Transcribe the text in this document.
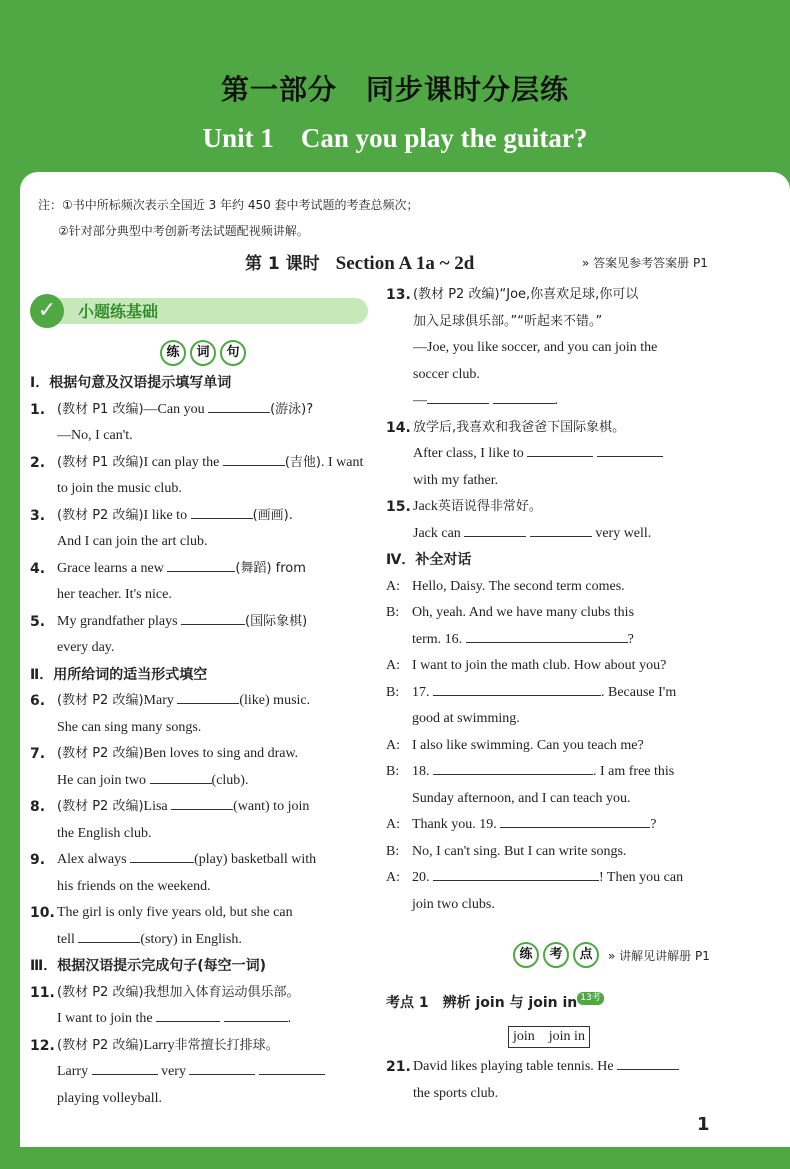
第一部分　同步课时分层练
Unit 1　Can you play the guitar?
注：①书中所标频次表示全国近 3 年约 450 套中考试题的考查总频次；
②针对部分典型中考创新考法试题配视频讲解。
第 1 课时 Section A 1a ~ 2d	» 答案见参考答案册 P1
✓	小题练基础
练	词	句
Ⅰ．根据句意及汉语提示填写单词
1. (教材 P1 改编)—Can you	(游泳)?
—No, I can't.
2. (教材 P1 改编)I can play the	(吉他). I want to join the music club.
3. (教材 P2 改编)I like to	(画画).
And I can join the art club.
4. Grace learns a new	(舞蹈) from
her teacher. It's nice.
5. My grandfather plays	(国际象棋)
every day.
Ⅱ．用所给词的适当形式填空
6. (教材 P2 改编)Mary	(like) music.
She can sing many songs.
7. (教材 P2 改编)Ben loves to sing and draw.
He can join two	(club).
8. (教材 P2 改编)Lisa	(want) to join
the English club.
9. Alex always	(play) basketball with
his friends on the weekend.
10. The girl is only five years old, but she can
tell	(story) in English.
Ⅲ．根据汉语提示完成句子(每空一词)
11. (教材 P2 改编)我想加入体育运动俱乐部。
I want to join the	.
12. (教材 P2 改编)Larry非常擅长打排球。
Larry	very
playing volleyball.
13. (教材 P2 改编)“Joe,你喜欢足球,你可以
加入足球俱乐部。”“听起来不错。”
—Joe, you like soccer, and you can join the
soccer club.
—	.
14. 放学后,我喜欢和我爸爸下国际象棋。
After class, I like to
with my father.
15. Jack英语说得非常好。
Jack can	very well.
Ⅳ．补全对话
A: Hello, Daisy. The second term comes.
B: Oh, yeah. And we have many clubs this
term. 16.	?
A: I want to join the math club. How about you?
B: 17.	. Because I'm
good at swimming.
A: I also like swimming. Can you teach me?
B: 18.	. I am free this
Sunday afternoon, and I can teach you.
A: Thank you. 19.	?
B: No, I can't sing. But I can write songs.
A: 20.	! Then you can
join two clubs.
练	考	点	» 讲解见讲解册 P1
考点 1　辨析 join 与 join in 13考
join　join in
21. David likes playing table tennis. He
the sports club.
1
